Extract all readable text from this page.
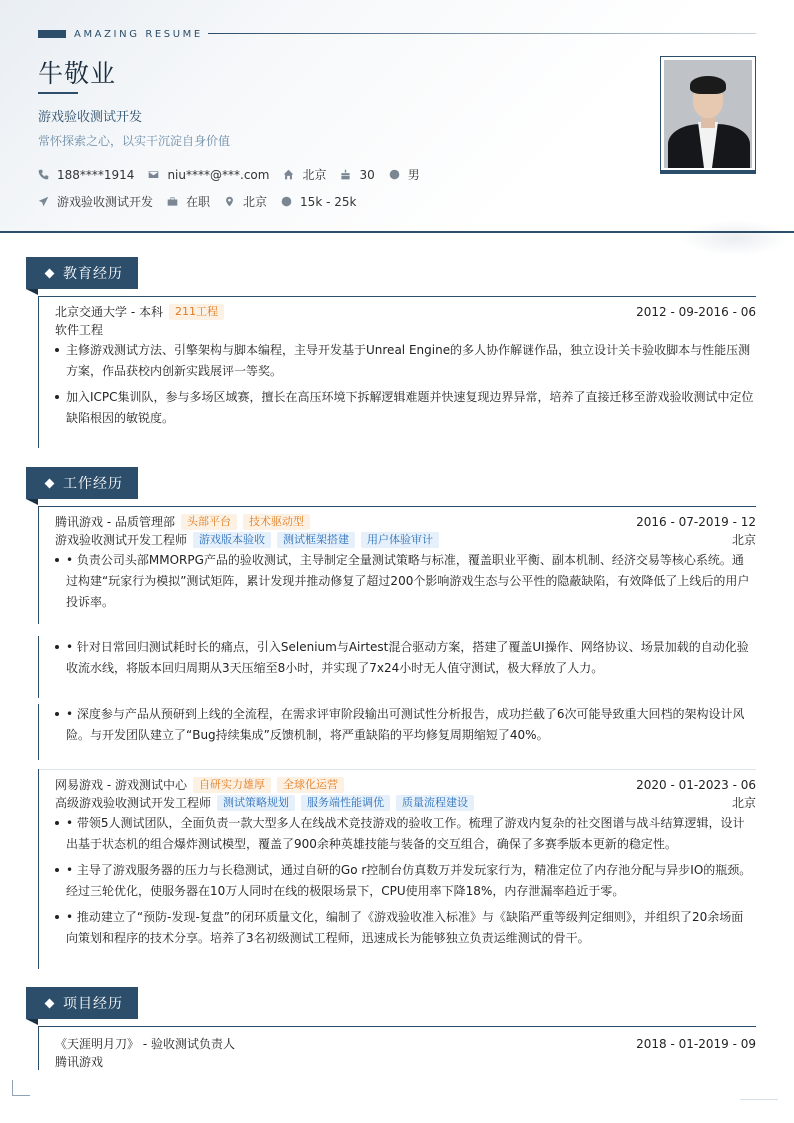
AMAZING RESUME
牛敬业
游戏验收测试开发
常怀探索之心，以实干沉淀自身价值
188****1914	niu****@***.com	北京	30	男
游戏验收测试开发	在职	北京	15k - 25k
教育经历
北京交通大学 - 本科	211工程	2012 - 09-2016 - 06
软件工程
主修游戏测试方法、引擎架构与脚本编程，主导开发基于Unreal Engine的多人协作解谜作品，独立设计关卡验收脚本与性能压测方案，作品获校内创新实践展评一等奖。
加入ICPC集训队，参与多场区域赛，擅长在高压环境下拆解逻辑难题并快速复现边界异常，培养了直接迁移至游戏验收测试中定位缺陷根因的敏锐度。
工作经历
腾讯游戏 - 品质管理部	头部平台	技术驱动型	2016 - 07-2019 - 12
游戏验收测试开发工程师	游戏版本验收	测试框架搭建	用户体验审计	北京
• 负责公司头部MMORPG产品的验收测试，主导制定全量测试策略与标准，覆盖职业平衡、副本机制、经济交易等核心系统。通过构建“玩家行为模拟”测试矩阵，累计发现并推动修复了超过200个影响游戏生态与公平性的隐蔽缺陷，有效降低了上线后的用户投诉率。
• 针对日常回归测试耗时长的痛点，引入Selenium与Airtest混合驱动方案，搭建了覆盖UI操作、网络协议、场景加载的自动化验收流水线，将版本回归周期从3天压缩至8小时，并实现了7x24小时无人值守测试，极大释放了人力。
• 深度参与产品从预研到上线的全流程，在需求评审阶段输出可测试性分析报告，成功拦截了6次可能导致重大回档的架构设计风险。与开发团队建立了“Bug持续集成”反馈机制，将严重缺陷的平均修复周期缩短了40%。
网易游戏 - 游戏测试中心	自研实力雄厚	全球化运营	2020 - 01-2023 - 06
高级游戏验收测试开发工程师	测试策略规划	服务端性能调优	质量流程建设	北京
• 带领5人测试团队，全面负责一款大型多人在线战术竞技游戏的验收工作。梳理了游戏内复杂的社交图谱与战斗结算逻辑，设计出基于状态机的组合爆炸测试模型，覆盖了900余种英雄技能与装备的交互组合，确保了多赛季版本更新的稳定性。
• 主导了游戏服务器的压力与长稳测试，通过自研的Go r控制台仿真数万并发玩家行为，精准定位了内存池分配与异步IO的瓶颈。经过三轮优化，使服务器在10万人同时在线的极限场景下，CPU使用率下降18%，内存泄漏率趋近于零。
• 推动建立了“预防-发现-复盘”的闭环质量文化，编制了《游戏验收准入标准》与《缺陷严重等级判定细则》，并组织了20余场面向策划和程序的技术分享。培养了3名初级测试工程师，迅速成长为能够独立负责运维测试的骨干。
项目经历
《天涯明月刀》 - 验收测试负责人	2018 - 01-2019 - 09
腾讯游戏
